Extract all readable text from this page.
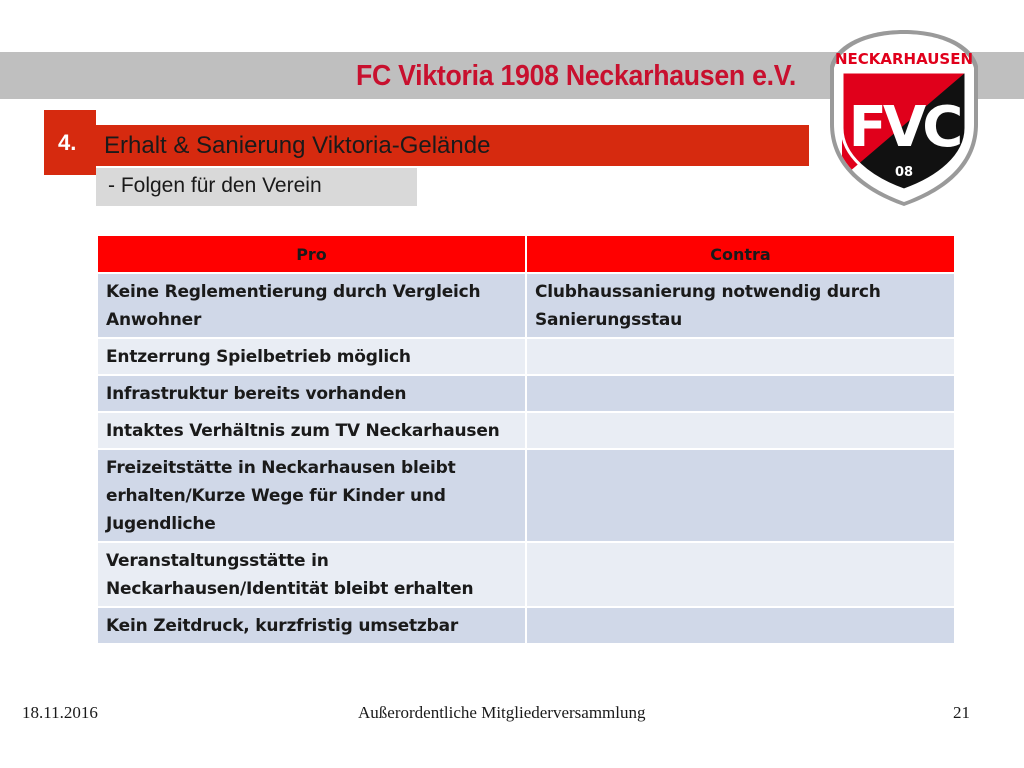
FC Viktoria 1908 Neckarhausen e.V.
NECKARHAUSEN
FVC
08
4. Erhalt & Sanierung Viktoria-Gelände
- Folgen für den Verein
Pro	Contra
Keine Reglementierung durch Vergleich Anwohner	Clubhaussanierung notwendig durch Sanierungsstau
Entzerrung Spielbetrieb möglich	
Infrastruktur bereits vorhanden	
Intaktes Verhältnis zum TV Neckarhausen	
Freizeitstätte in Neckarhausen bleibt erhalten/Kurze Wege für Kinder und Jugendliche	
Veranstaltungsstätte in Neckarhausen/Identität bleibt erhalten	
Kein Zeitdruck, kurzfristig umsetzbar	
18.11.2016	Außerordentliche Mitgliederversammlung	21
